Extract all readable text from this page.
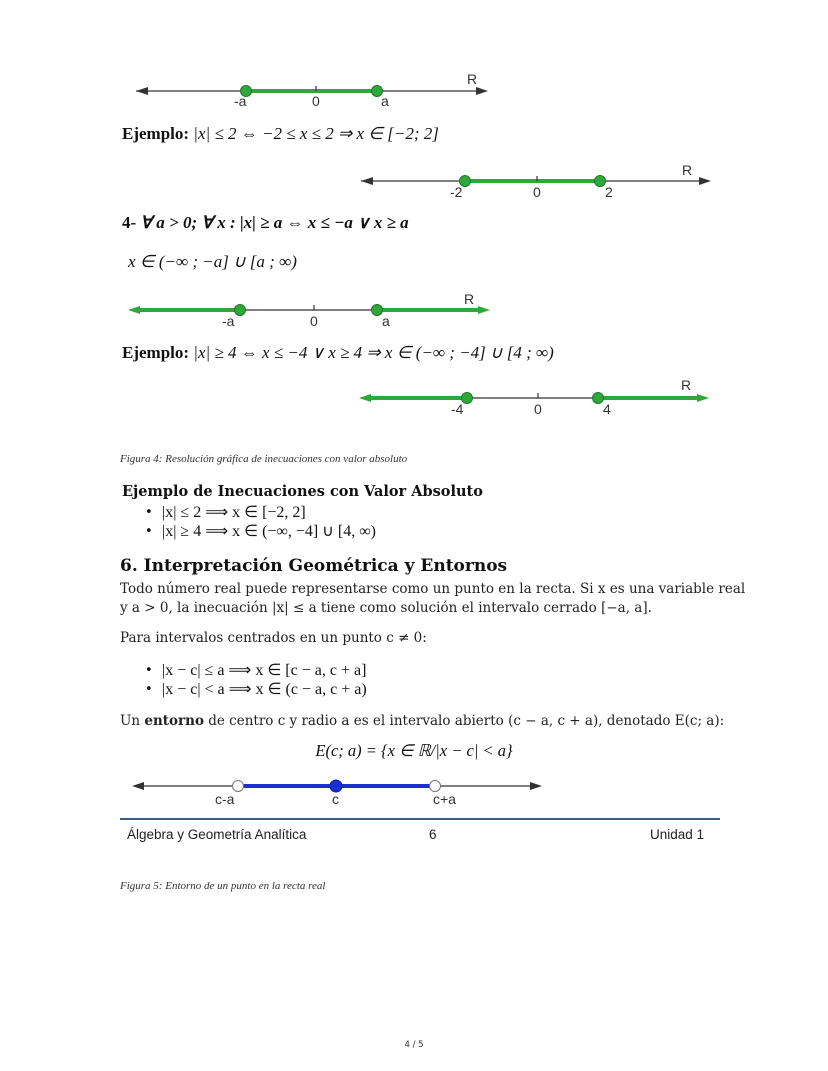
R
-a	0	a
Ejemplo: |x| ≤ 2 ⇔ −2 ≤ x ≤ 2 ⇒ x ∈ [−2; 2]
R
-2	0	2
4- ∀ a > 0; ∀ x : |x| ≥ a ⇔ x ≤ −a ∨ x ≥ a
x ∈ (−∞ ; −a] ∪ [a ; ∞)
R
-a	0	a
Ejemplo: |x| ≥ 4 ⇔ x ≤ −4 ∨ x ≥ 4 ⇒ x ∈ (−∞ ; −4] ∪ [4 ; ∞)
R
-4	0	4
Figura 4: Resolución gráfica de inecuaciones con valor absoluto
Ejemplo de Inecuaciones con Valor Absoluto
• |x| ≤ 2 ⟹ x ∈ [−2, 2]
• |x| ≥ 4 ⟹ x ∈ (−∞, −4] ∪ [4, ∞)
6. Interpretación Geométrica y Entornos
Todo número real puede representarse como un punto en la recta. Si x es una variable real
y a > 0, la inecuación |x| ≤ a tiene como solución el intervalo cerrado [−a, a].
Para intervalos centrados en un punto c ≠ 0:
• |x − c| ≤ a ⟹ x ∈ [c − a, c + a]
• |x − c| < a ⟹ x ∈ (c − a, c + a)
Un entorno de centro c y radio a es el intervalo abierto (c − a, c + a), denotado E(c; a):
E(c; a) = {x ∈ ℝ/|x − c| < a}
c-a	c	c+a
Álgebra y Geometría Analítica	6	Unidad 1
Figura 5: Entorno de un punto en la recta real
4 / 5
